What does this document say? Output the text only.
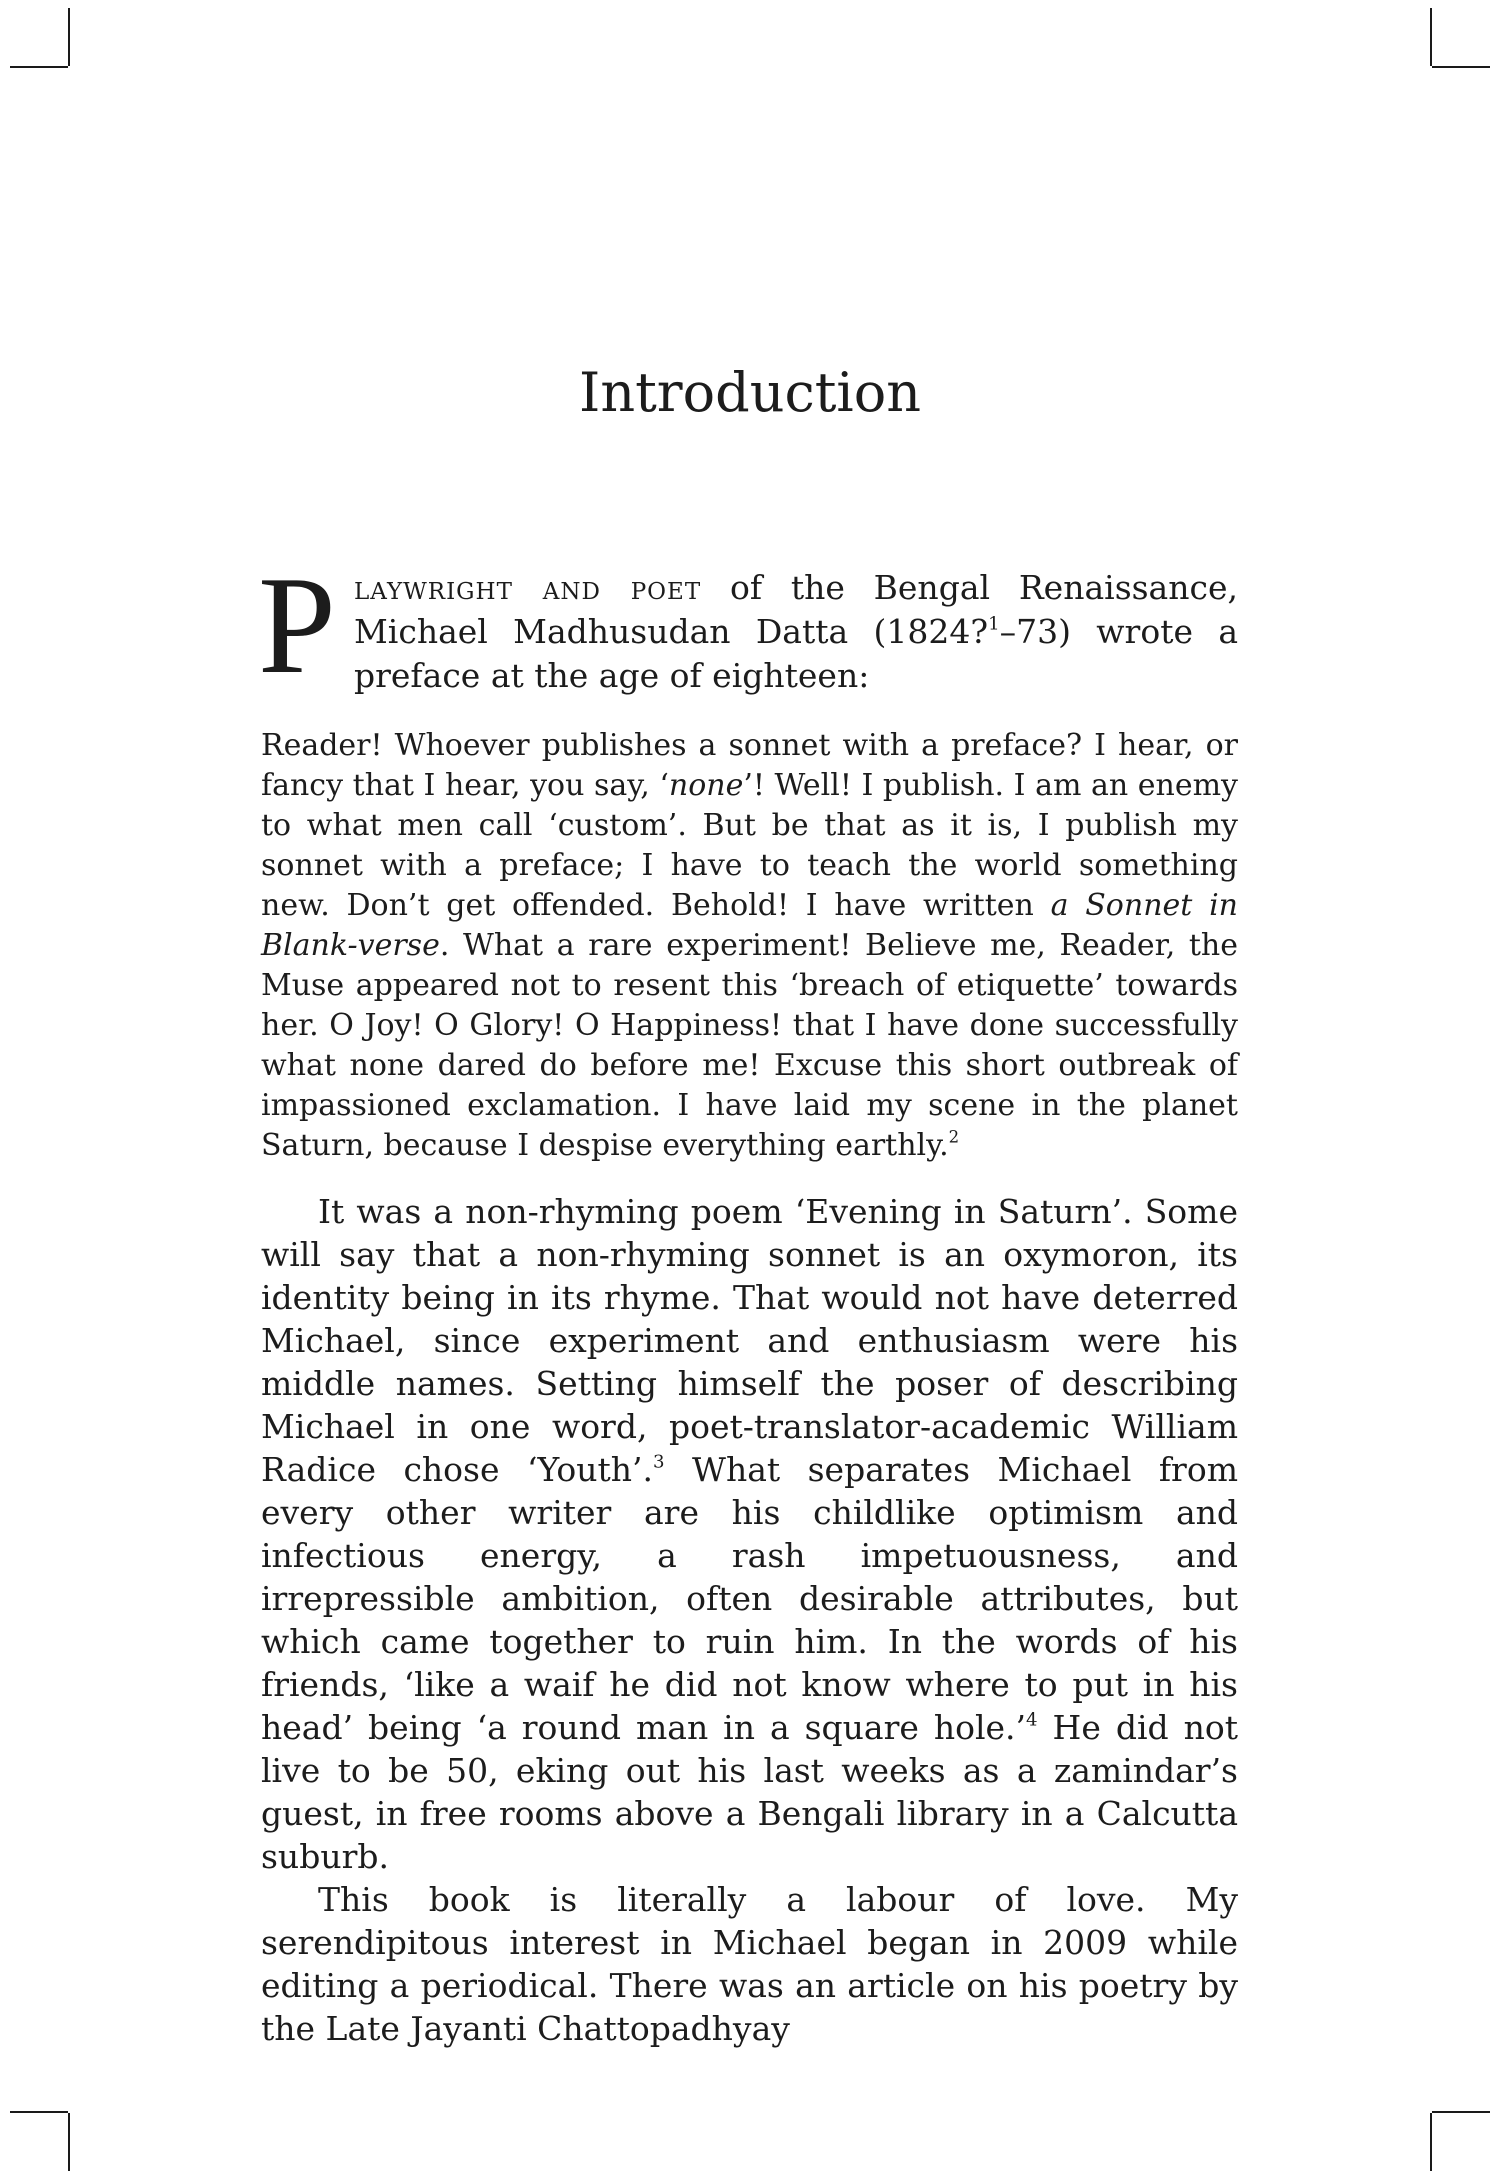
Introduction
P laywright and poet of the Bengal Renaissance, Michael Madhusudan Datta (1824?$^1$–73) wrote a preface at the age of eighteen:

Reader! Whoever publishes a sonnet with a preface? I hear, or fancy that I hear, you say, ‘none’! Well! I publish. I am an enemy to what men call ‘custom’. But be that as it is, I publish my sonnet with a preface; I have to teach the world something new. Don’t get offended. Behold! I have written a Sonnet in Blank-verse. What a rare experiment! Believe me, Reader, the Muse appeared not to resent this ‘breach of etiquette’ towards her. O Joy! O Glory! O Happiness! that I have done successfully what none dared do before me! Excuse this short outbreak of impassioned exclamation. I have laid my scene in the planet Saturn, because I despise everything earthly.$^2$

It was a non-rhyming poem ‘Evening in Saturn’. Some will say that a non-rhyming sonnet is an oxymoron, its identity being in its rhyme. That would not have deterred Michael, since experiment and enthusiasm were his middle names. Setting himself the poser of describing Michael in one word, poet-translator-academic William Radice chose ‘Youth’.$^3$ What separates Michael from every other writer are his childlike optimism and infectious energy, a rash impetuousness, and irrepressible ambition, often desirable attributes, but which came together to ruin him. In the words of his friends, ‘like a waif he did not know where to put in his head’ being ‘a round man in a square hole.’$^4$ He did not live to be 50, eking out his last weeks as a zamindar’s guest, in free rooms above a Bengali library in a Calcutta suburb.

This book is literally a labour of love. My serendipitous interest in Michael began in 2009 while editing a periodical. There was an article on his poetry by the Late Jayanti Chattopadhyay
